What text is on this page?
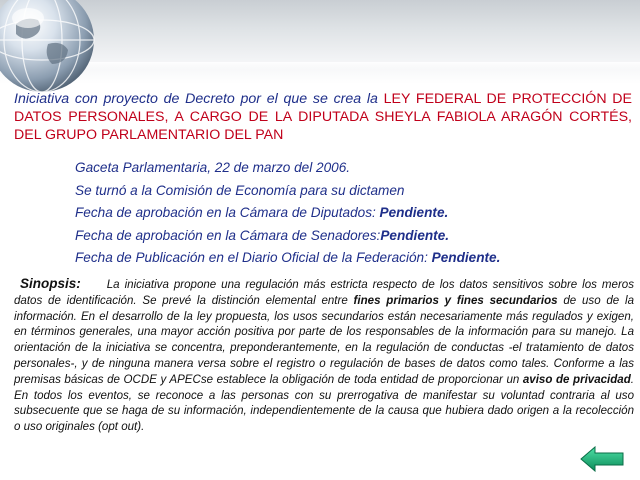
Iniciativa con proyecto de Decreto por el que se crea la LEY FEDERAL DE PROTECCIÓN DE DATOS PERSONALES, A CARGO DE LA DIPUTADA SHEYLA FABIOLA ARAGÓN CORTÉS, DEL GRUPO PARLAMENTARIO DEL PAN
Gaceta Parlamentaria, 22 de marzo del 2006.
Se turnó a la Comisión de Economía para su dictamen
Fecha de aprobación en la Cámara de Diputados: Pendiente.
Fecha de aprobación en la Cámara de Senadores:Pendiente.
Fecha de Publicación en el Diario Oficial de la Federación: Pendiente.
Sinopsis: La iniciativa propone una regulación más estricta respecto de los datos sensitivos sobre los meros datos de identificación. Se prevé la distinción elemental entre fines primarios y fines secundarios de uso de la información. En el desarrollo de la ley propuesta, los usos secundarios están necesariamente más regulados y exigen, en términos generales, una mayor acción positiva por parte de los responsables de la información para su manejo. La orientación de la iniciativa se concentra, preponderantemente, en la regulación de conductas -el tratamiento de datos personales-, y de ninguna manera versa sobre el registro o regulación de bases de datos como tales. Conforme a las premisas básicas de OCDE y APECse establece la obligación de toda entidad de proporcionar un aviso de privacidad. En todos los eventos, se reconoce a las personas con su prerrogativa de manifestar su voluntad contraria al uso subsecuente que se haga de su información, independientemente de la causa que hubiera dado origen a la recolección o uso originales (opt out).
